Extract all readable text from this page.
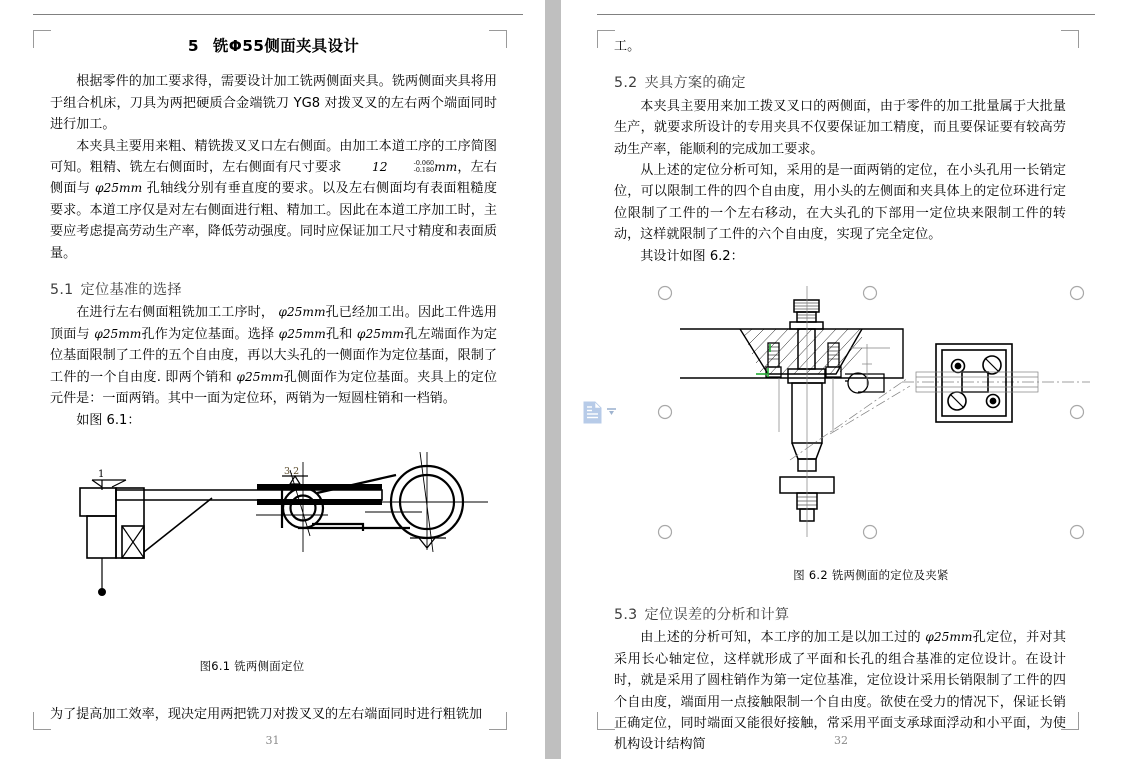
5 铣Φ55侧面夹具设计

根据零件的加工要求得，需要设计加工铣两侧面夹具。铣两侧面夹具将用于组合机床，刀具为两把硬质合金端铣刀 YG8 对拨叉叉的左右两个端面同时进行加工。

本夹具主要用来粗、精铣拨叉叉口左右侧面。由加工本道工序的工序简图可知。粗精、铣左右侧面时，左右侧面有尺寸要求 12	-0.060
-0.180 mm，左右侧面与 φ25mm 孔轴线分别有垂直度的要求。以及左右侧面均有表面粗糙度要求。本道工序仅是对左右侧面进行粗、精加工。因此在本道工序加工时，主要应考虑提高劳动生产率，降低劳动强度。同时应保证加工尺寸精度和表面质量。

5.1 定位基准的选择

在进行左右侧面粗铣加工工序时， φ25mm孔已经加工出。因此工件选用顶面与 φ25mm孔作为定位基面。选择 φ25mm孔和 φ25mm孔左端面作为定位基面限制了工件的五个自由度，再以大头孔的一侧面作为定位基面，限制了工件的一个自由度. 即两个销和 φ25mm孔侧面作为定位基面。夹具上的定位元件是：一面两销。其中一面为定位环，两销为一短圆柱销和一档销。

如图 6.1：

1	3.2
图6.1 铣两侧面定位

为了提高加工效率，现决定用两把铣刀对拨叉叉的左右端面同时进行粗铣加

31

工。

5.2 夹具方案的确定

本夹具主要用来加工拨叉叉口的两侧面，由于零件的加工批量属于大批量生产，就要求所设计的专用夹具不仅要保证加工精度，而且要保证要有较高劳动生产率，能顺利的完成加工要求。

从上述的定位分析可知，采用的是一面两销的定位，在小头孔用一长销定位，可以限制工件的四个自由度，用小头的左侧面和夹具体上的定位环进行定位限制了工件的一个左右移动，在大头孔的下部用一定位块来限制工件的转动，这样就限制了工件的六个自由度，实现了完全定位。

其设计如图 6.2：

图 6.2 铣两侧面的定位及夹紧
5.3 定位误差的分析和计算

由上述的分析可知，本工序的加工是以加工过的 φ25mm孔定位，并对其采用长心轴定位，这样就形成了平面和长孔的组合基准的定位设计。在设计时，就是采用了圆柱销作为第一定位基准，定位设计采用长销限制了工件的四个自由度，端面用一点接触限制一个自由度。欲使在受力的情况下，保证长销正确定位，同时端面又能很好接触，常采用平面支承球面浮动和小平面，为使机构设计结构简	32
